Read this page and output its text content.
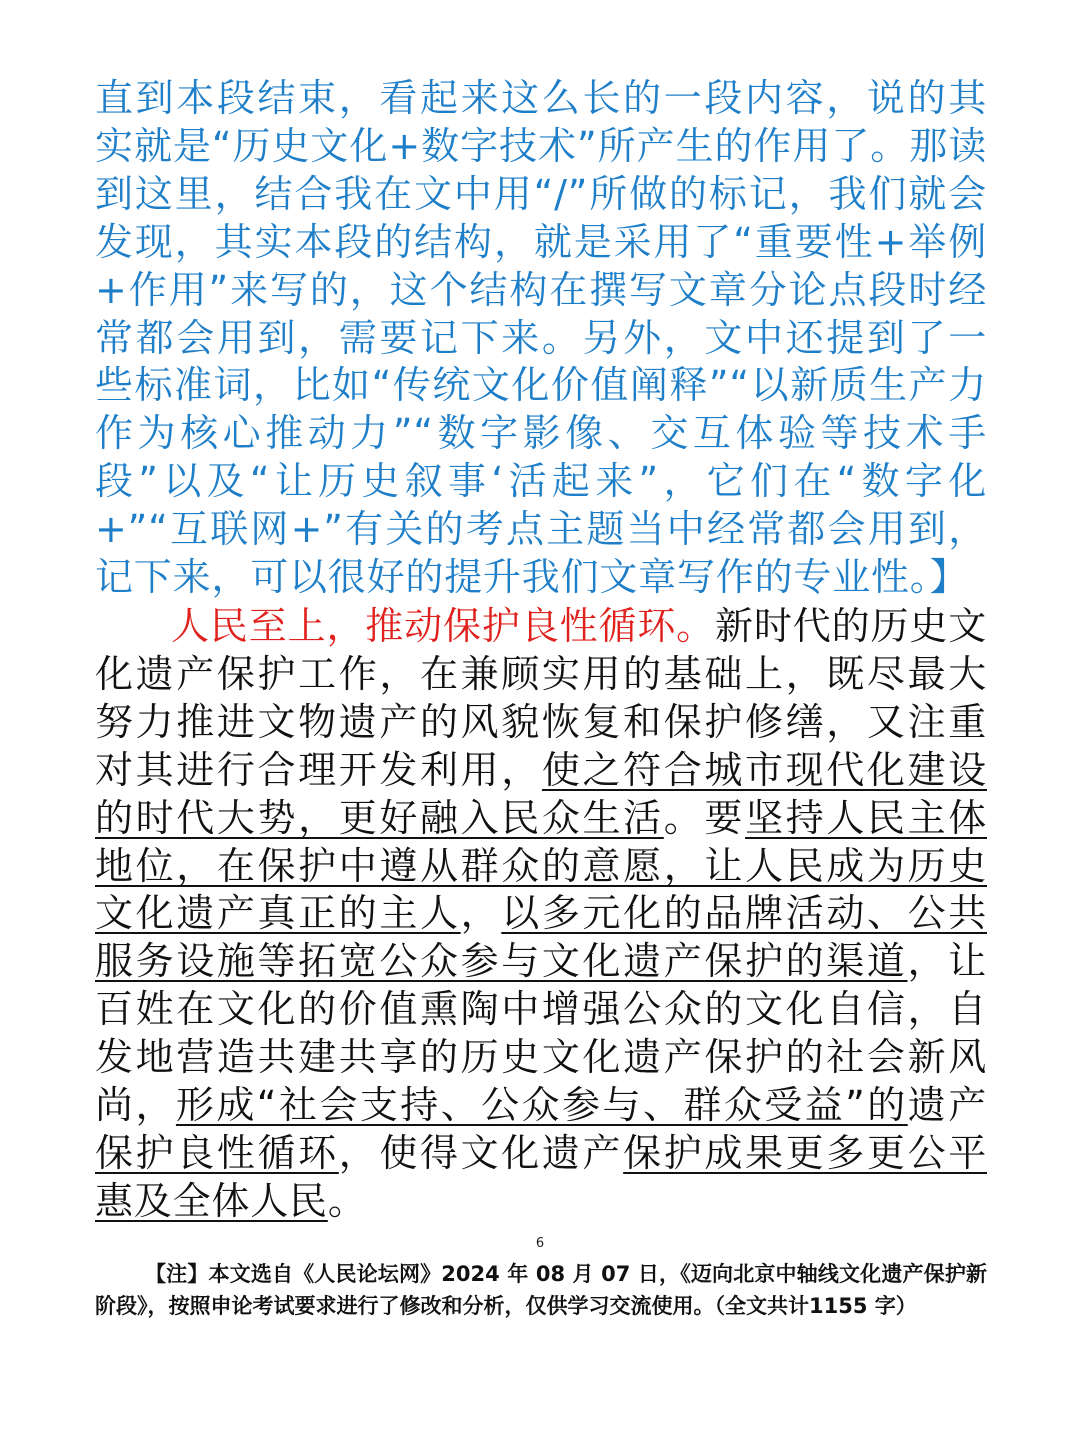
直到本段结束，看起来这么长的一段内容，说的其实就是“历史文化+数字技术”所产生的作用了。那读到这里，结合我在文中用“/”所做的标记，我们就会发现，其实本段的结构，就是采用了“重要性+举例+作用”来写的，这个结构在撰写文章分论点段时经常都会用到，需要记下来。另外，文中还提到了一些标准词，比如“传统文化价值阐释”“以新质生产力作为核心推动力”“数字影像、交互体验等技术手段”以及“让历史叙事‘活起来”，它们在“数字化+”“互联网+”有关的考点主题当中经常都会用到，记下来，可以很好的提升我们文章写作的专业性。】

人民至上，推动保护良性循环。新时代的历史文化遗产保护工作，在兼顾实用的基础上，既尽最大努力推进文物遗产的风貌恢复和保护修缮，又注重对其进行合理开发利用，使之符合城市现代化建设的时代大势，更好融入民众生活。要坚持人民主体地位，在保护中遵从群众的意愿，让人民成为历史文化遗产真正的主人，以多元化的品牌活动、公共服务设施等拓宽公众参与文化遗产保护的渠道，让百姓在文化的价值熏陶中增强公众的文化自信，自发地营造共建共享的历史文化遗产保护的社会新风尚，形成“社会支持、公众参与、群众受益”的遗产保护良性循环，使得文化遗产保护成果更多更公平惠及全体人民。

6
【注】本文选自《人民论坛网》2024 年 08 月 07 日，《迈向北京中轴线文化遗产保护新阶段》，按照申论考试要求进行了修改和分析，仅供学习交流使用。（全文共计1155 字）
